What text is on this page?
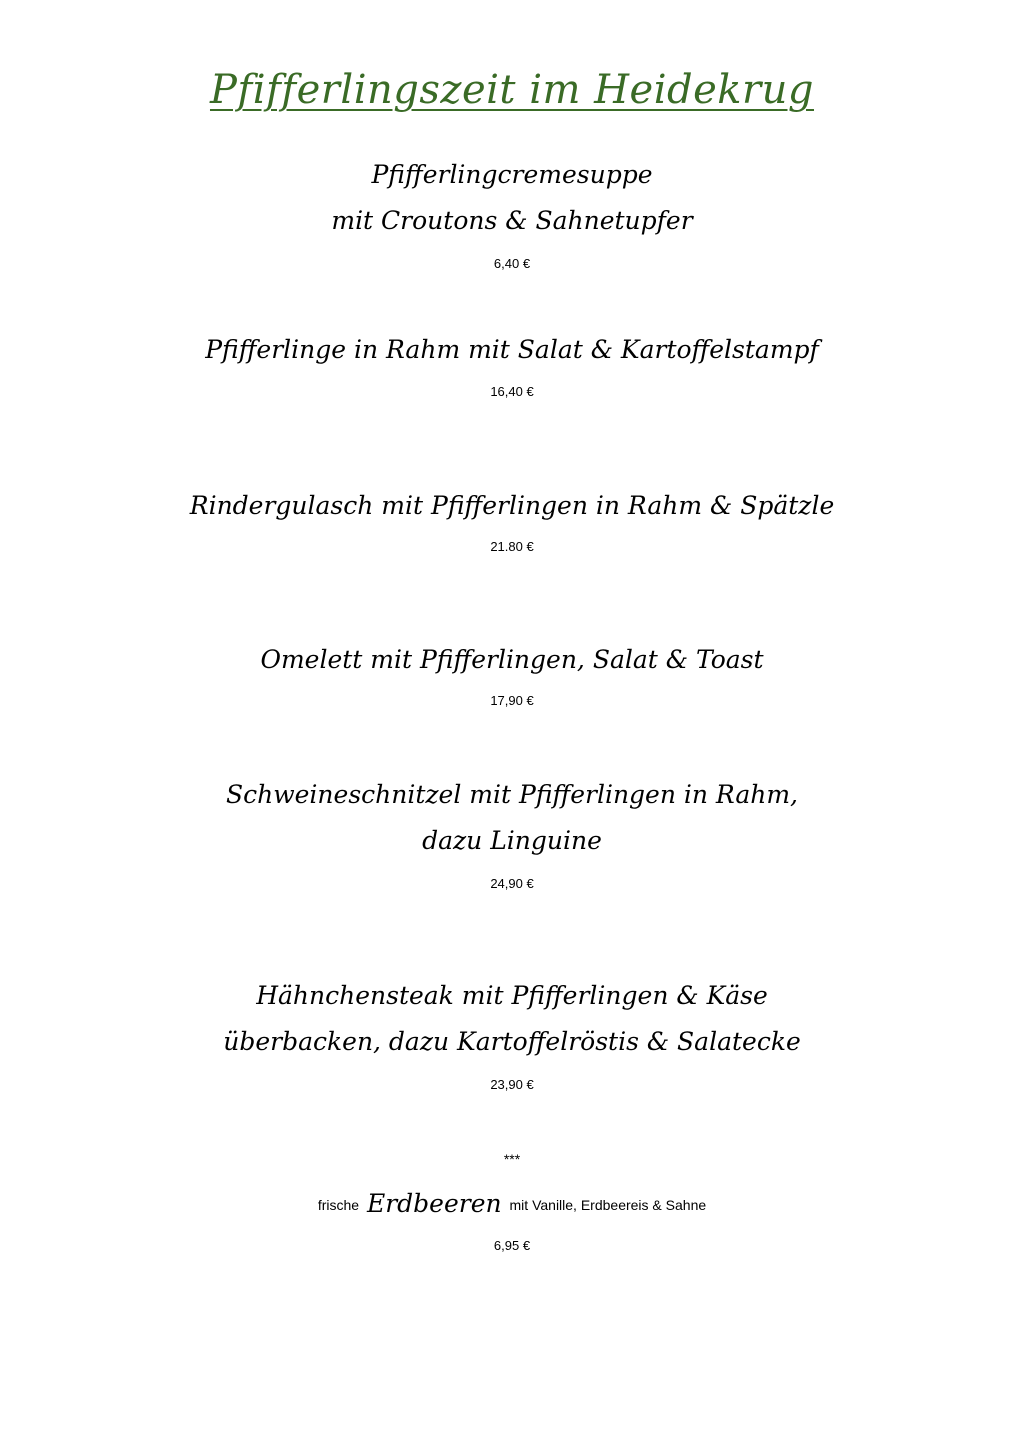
Pfifferlingszeit im Heidekrug
Pfifferlingcremesuppe
mit Croutons & Sahnetupfer
6,40 €
Pfifferlinge in Rahm mit Salat & Kartoffelstampf
16,40 €
Rindergulasch mit Pfifferlingen in Rahm & Spätzle
21.80 €
Omelett mit Pfifferlingen, Salat & Toast
17,90 €
Schweineschnitzel mit Pfifferlingen in Rahm,
dazu Linguine
24,90 €
Hähnchensteak mit Pfifferlingen & Käse
überbacken, dazu Kartoffelröstis & Salatecke
23,90 €
***
frische Erdbeeren mit Vanille, Erdbeereis & Sahne
6,95 €
